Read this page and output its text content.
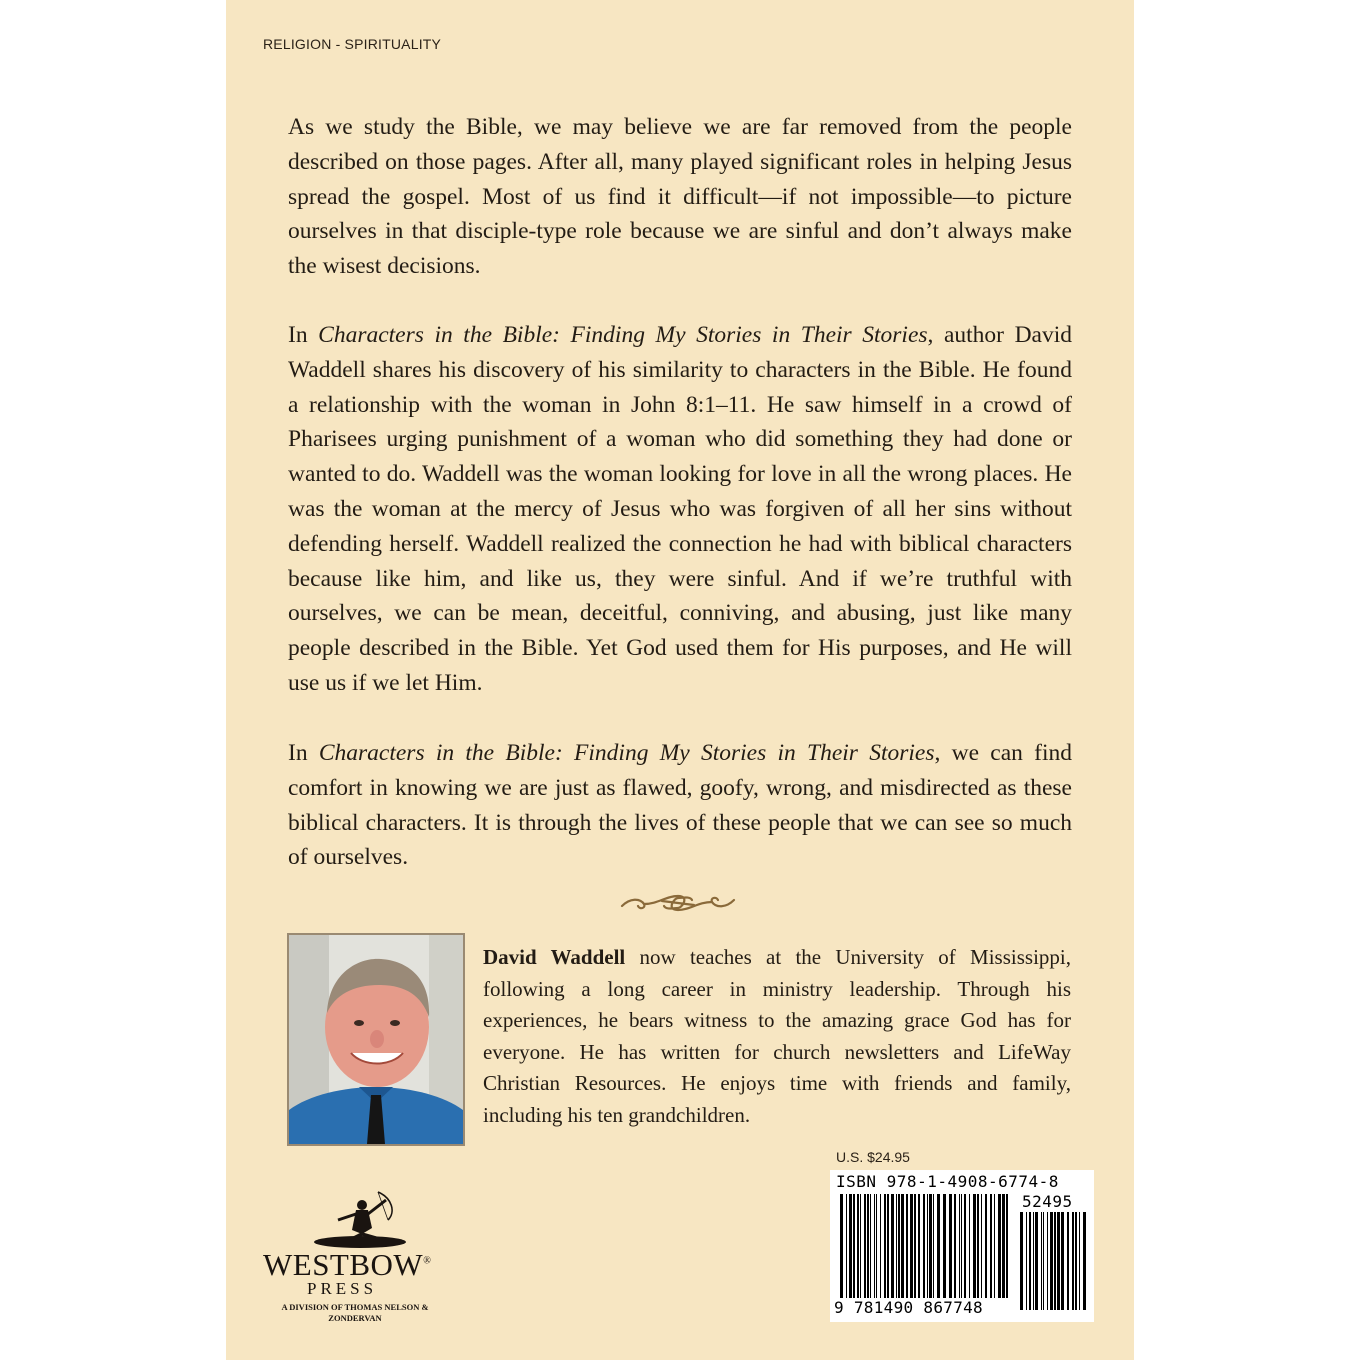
RELIGION - SPIRITUALITY

As we study the Bible, we may believe we are far removed from the people described on those pages. After all, many played significant roles in helping Jesus spread the gospel. Most of us find it difficult—if not impossible—to picture ourselves in that disciple-type role because we are sinful and don’t always make the wisest decisions.

In Characters in the Bible: Finding My Stories in Their Stories, author David Waddell shares his discovery of his similarity to characters in the Bible. He found a relationship with the woman in John 8:1–11. He saw himself in a crowd of Pharisees urging punishment of a woman who did something they had done or wanted to do. Waddell was the woman looking for love in all the wrong places. He was the woman at the mercy of Jesus who was forgiven of all her sins without defending herself. Waddell realized the connection he had with biblical characters because like him, and like us, they were sinful. And if we’re truthful with ourselves, we can be mean, deceitful, conniving, and abusing, just like many people described in the Bible. Yet God used them for His purposes, and He will use us if we let Him.

In Characters in the Bible: Finding My Stories in Their Stories, we can find comfort in knowing we are just as flawed, goofy, wrong, and misdirected as these biblical characters. It is through the lives of these people that we can see so much of ourselves.

David Waddell now teaches at the University of Mississippi, following a long career in ministry leadership. Through his experiences, he bears witness to the amazing grace God has for everyone. He has written for church newsletters and LifeWay Christian Resources. He enjoys time with friends and family, including his ten grandchildren.

U.S. $24.95
ISBN 978-1-4908-6774-8
52495
9 781490 867748
WESTBOW®
PRESS
A DIVISION OF THOMAS NELSON & ZONDERVAN
